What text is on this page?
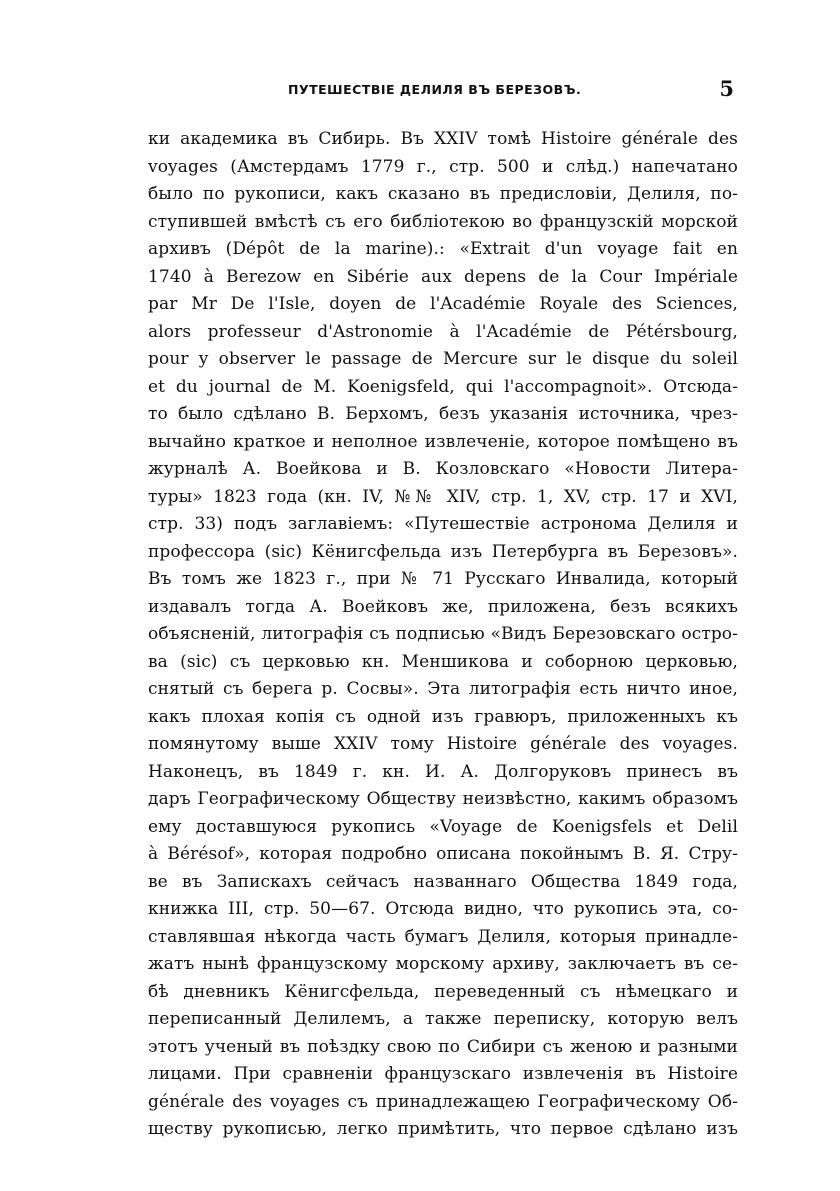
ПУТЕШЕСТВІЕ ДЕЛИЛЯ ВЪ БЕРЕЗОВЪ.	5
ки академика въ Сибирь. Въ XXIV томѣ Histoire générale des
voyages (Амстердамъ 1779 г., стр. 500 и слѣд.) напечатано
было по рукописи, какъ сказано въ предисловіи, Делиля, по-
ступившей вмѣстѣ съ его библіотекою во французскій морской
архивъ (Dépôt de la marine).: «Extrait d'un voyage fait en
1740 à Berezow en Sibérie aux depens de la Cour Impériale
par Mr De l'Isle, doyen de l'Académie Royale des Sciences,
alors professeur d'Astronomie à l'Académie de Pétérsbourg,
pour y observer le passage de Mercure sur le disque du soleil
et du journal de M. Koenigsfeld, qui l'accompagnoit». Отсюда-
то было сдѣлано В. Берхомъ, безъ указанія источника, чрез-
вычайно краткое и неполное извлеченіе, которое помѣщено въ
журналѣ А. Воейкова и В. Козловскаго «Новости Литера-
туры» 1823 года (кн. IV, №№ XIV, стр. 1, XV, стр. 17 и XVI,
стр. 33) подъ заглавіемъ: «Путешествіе астронома Делиля и
профессора (sic) Кёнигсфельда изъ Петербурга въ Березовъ».
Въ томъ же 1823 г., при № 71 Русскаго Инвалида, который
издавалъ тогда А. Воейковъ же, приложена, безъ всякихъ
объясненій, литографія съ подписью «Видъ Березовскаго остро-
ва (sic) съ церковью кн. Меншикова и соборною церковью,
снятый съ берега р. Сосвы». Эта литографія есть ничто иное,
какъ плохая копія съ одной изъ гравюръ, приложенныхъ къ
помянутому выше XXIV тому Histoire générale des voyages.
Наконецъ, въ 1849 г. кн. И. А. Долгоруковъ принесъ въ
даръ Географическому Обществу неизвѣстно, какимъ образомъ
ему доставшуюся рукопись «Voyage de Koenigsfels et Delil
à Bérésof», которая подробно описана покойнымъ В. Я. Стру-
ве въ Запискахъ сейчасъ названнаго Общества 1849 года,
книжка III, стр. 50—67. Отсюда видно, что рукопись эта, со-
ставлявшая нѣкогда часть бумагъ Делиля, которыя принадле-
жатъ нынѣ французскому морскому архиву, заключаетъ въ се-
бѣ дневникъ Кёнигсфельда, переведенный съ нѣмецкаго и
переписанный Делилемъ, а также переписку, которую велъ
этотъ ученый въ поѣздку свою по Сибири съ женою и разными
лицами. При сравненіи французскаго извлеченія въ Histoire
générale des voyages съ принадлежащею Географическому Об-
ществу рукописью, легко примѣтить, что первое сдѣлано изъ
